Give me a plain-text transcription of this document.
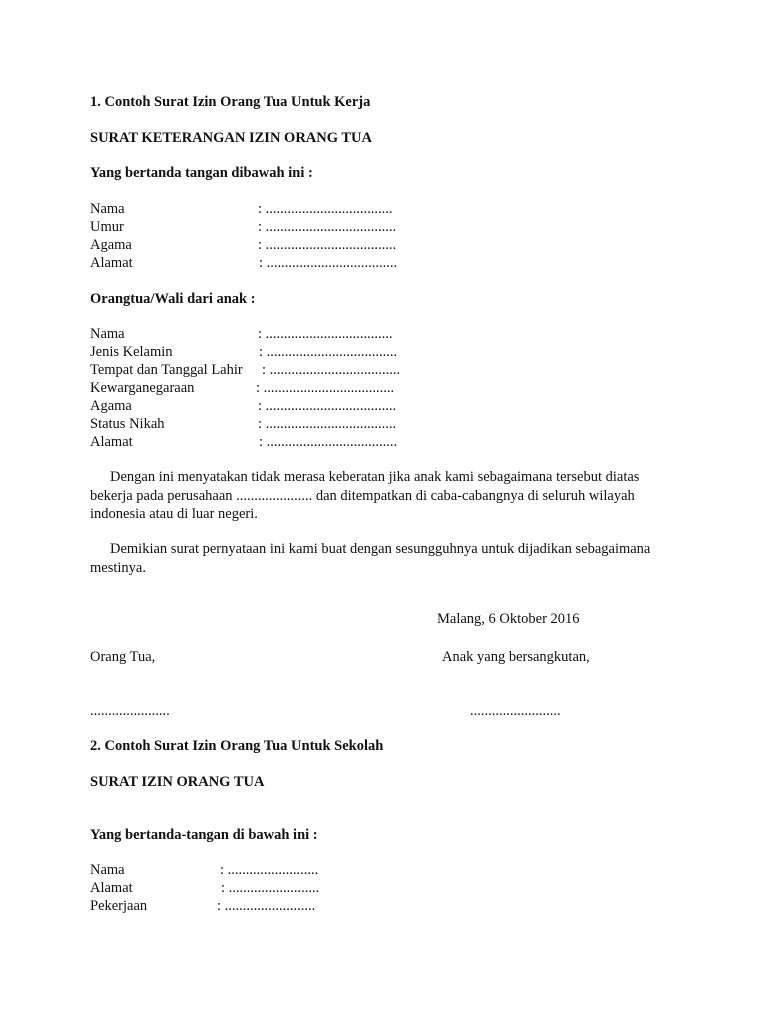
1. Contoh Surat Izin Orang Tua Untuk Kerja
SURAT KETERANGAN IZIN ORANG TUA
Yang bertanda tangan dibawah ini :
Nama	: ...................................
Umur	: ....................................
Agama	: ....................................
Alamat	: ....................................
Orangtua/Wali dari anak :
Nama	: ...................................
Jenis Kelamin	: ....................................
Tempat dan Tanggal Lahir : ....................................
Kewarganegaraan	: ....................................
Agama	: ....................................
Status Nikah	: ....................................
Alamat	: ....................................
Dengan ini menyatakan tidak merasa keberatan jika anak kami sebagaimana tersebut diatas bekerja pada perusahaan ..................... dan ditempatkan di caba-cabangnya di seluruh wilayah indonesia atau di luar negeri.
Demikian surat pernyataan ini kami buat dengan sesungguhnya untuk dijadikan sebagaimana mestinya.
Malang, 6 Oktober 2016
Orang Tua,	Anak yang bersangkutan,
......................	.........................
2. Contoh Surat Izin Orang Tua Untuk Sekolah
SURAT IZIN ORANG TUA
Yang bertanda-tangan di bawah ini :
Nama	: .........................
Alamat	: .........................
Pekerjaan	: .........................
